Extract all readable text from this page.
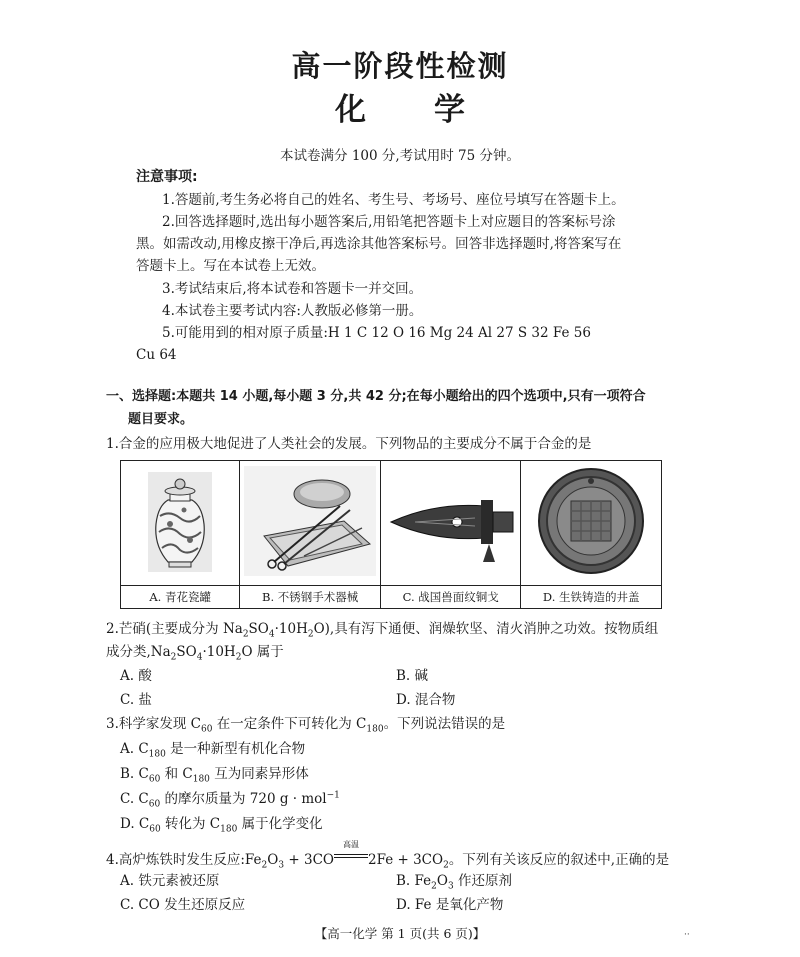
高一阶段性检测
化 学
本试卷满分 100 分,考试用时 75 分钟。
注意事项:
1.答题前,考生务必将自己的姓名、考生号、考场号、座位号填写在答题卡上。
2.回答选择题时,选出每小题答案后,用铅笔把答题卡上对应题目的答案标号涂
黑。如需改动,用橡皮擦干净后,再选涂其他答案标号。回答非选择题时,将答案写在
答题卡上。写在本试卷上无效。
3.考试结束后,将本试卷和答题卡一并交回。
4.本试卷主要考试内容:人教版必修第一册。
5.可能用到的相对原子质量:H 1 C 12 O 16 Mg 24 Al 27 S 32 Fe 56
Cu 64
一、选择题:本题共 14 小题,每小题 3 分,共 42 分;在每小题给出的四个选项中,只有一项符合
题目要求。
1.合金的应用极大地促进了人类社会的发展。下列物品的主要成分不属于合金的是

A. 青花瓷罐	B. 不锈钢手术器械	C. 战国兽面纹铜戈	D. 生铁铸造的井盖
2.芒硝(主要成分为 $Na_2SO_4\cdot 10H_2O$),具有泻下通便、润燥软坚、清火消肿之功效。按物质组
成分类$,Na_2SO_4\cdot 10H_2O$ 属于
A. 酸	B. 碱
C. 盐	D. 混合物
3.科学家发现 $C_{60}$ 在一定条件下可转化为 $C_{180}$。下列说法错误的是
A. $C_{180}$ 是一种新型有机化合物
B. $C_{60}$ 和 $C_{180}$ 互为同素异形体
C. $C_{60}$ 的摩尔质量为 720 g · mol$^{-1}$
D. $C_{60}$ 转化为 $C_{180}$ 属于化学变化
4.高炉炼铁时发生反应$:Fe_2O_3 + 3CO$
高温
$2Fe + 3CO_2$。下列有关该反应的叙述中,正确的是
A. 铁元素被还原	B. $Fe_2O_3$ 作还原剂
C. CO 发生还原反应	D. Fe 是氧化产物
【高一化学 第 1 页(共 6 页)】	··
